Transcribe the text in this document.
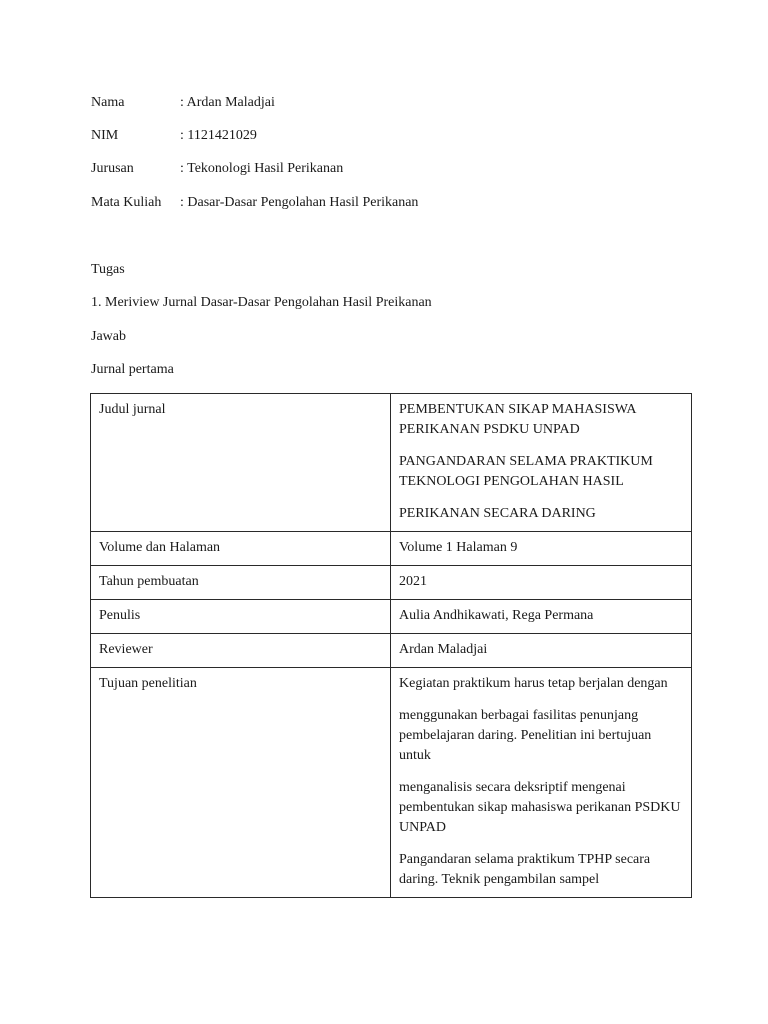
Nama	: Ardan Maladjai
NIM	: 1121421029
Jurusan	: Tekonologi Hasil Perikanan
Mata Kuliah : Dasar-Dasar Pengolahan Hasil Perikanan
Tugas
1. Meriview Jurnal Dasar-Dasar Pengolahan Hasil Preikanan
Jawab
Jurnal pertama
Judul jurnal	PEMBENTUKAN SIKAP MAHASISWA PERIKANAN PSDKU UNPAD

PANGANDARAN SELAMA PRAKTIKUM TEKNOLOGI PENGOLAHAN HASIL

PERIKANAN SECARA DARING

Volume dan Halaman	Volume 1 Halaman 9

Tahun pembuatan	2021

Penulis	Aulia Andhikawati, Rega Permana

Reviewer	Ardan Maladjai

Tujuan penelitian	Kegiatan praktikum harus tetap berjalan dengan

menggunakan berbagai fasilitas penunjang pembelajaran daring. Penelitian ini bertujuan untuk

menganalisis secara deksriptif mengenai pembentukan sikap mahasiswa perikanan PSDKU UNPAD

Pangandaran selama praktikum TPHP secara daring. Teknik pengambilan sampel
